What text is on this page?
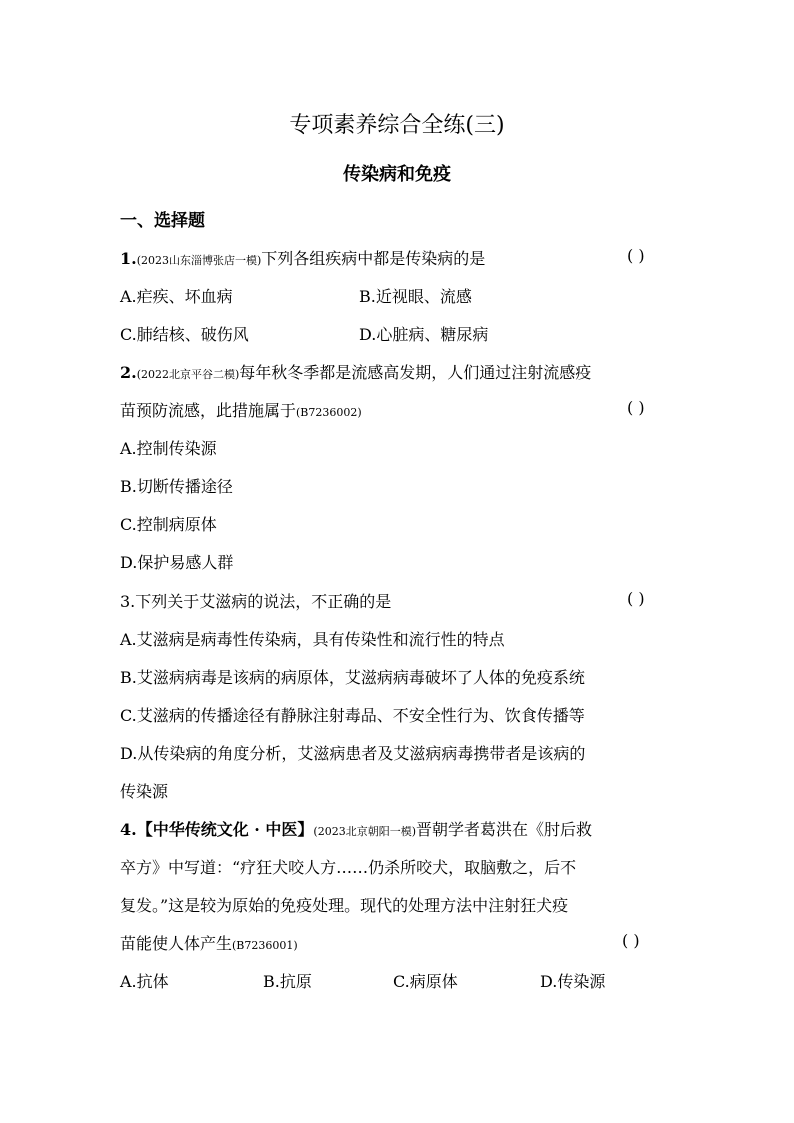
专项素养综合全练(三)
传染病和免疫
一、选择题
1.(2023山东淄博张店一模)下列各组疾病中都是传染病的是	( )
A.疟疾、坏血病	B.近视眼、流感
C.肺结核、破伤风	D.心脏病、糖尿病
2.(2022北京平谷二模)每年秋冬季都是流感高发期，人们通过注射流感疫
苗预防流感，此措施属于(B7236002)	( )
A.控制传染源
B.切断传播途径
C.控制病原体
D.保护易感人群
3.下列关于艾滋病的说法，不正确的是	( )
A.艾滋病是病毒性传染病，具有传染性和流行性的特点
B.艾滋病病毒是该病的病原体，艾滋病病毒破坏了人体的免疫系统
C.艾滋病的传播途径有静脉注射毒品、不安全性行为、饮食传播等
D.从传染病的角度分析，艾滋病患者及艾滋病病毒携带者是该病的
传染源
4.【中华传统文化 · 中医】(2023北京朝阳一模)晋朝学者葛洪在《肘后救
卒方》中写道：“疗狂犬咬人方……仍杀所咬犬，取脑敷之，后不
复发。”这是较为原始的免疫处理。现代的处理方法中注射狂犬疫
苗能使人体产生(B7236001)	( )
A.抗体	B.抗原	C.病原体	D.传染源
